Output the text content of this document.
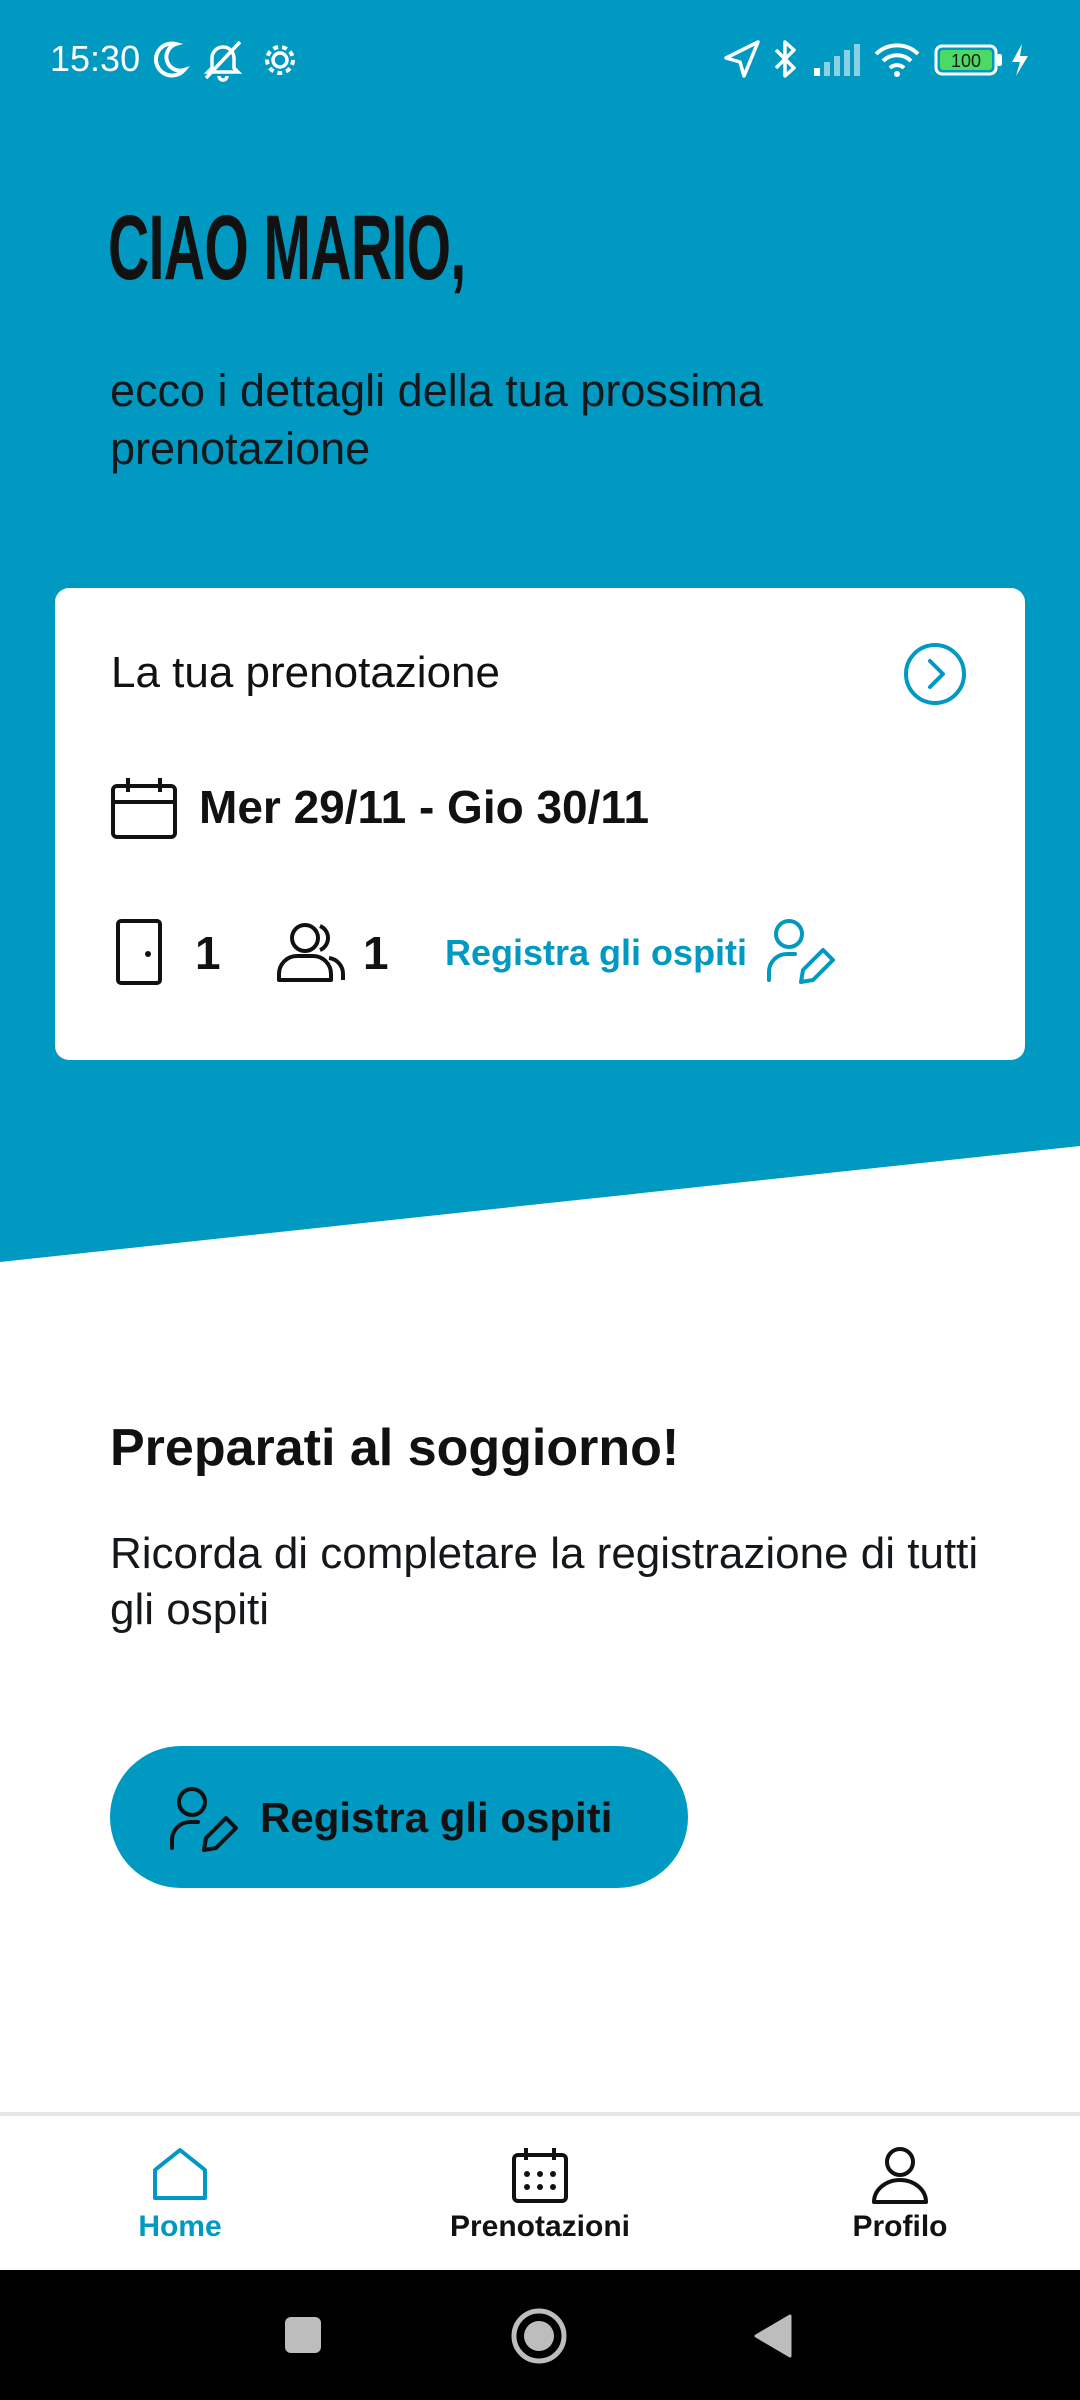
15:30	100
CIAO MARIO,

ecco i dettagli della tua prossima prenotazione

La tua prenotazione
Mer 29/11 - Gio 30/11
1	1 Registra gli ospiti
Preparati al soggiorno!

Ricorda di completare la registrazione di tutti gli ospiti

Registra gli ospiti
Home	Prenotazioni	Profilo
